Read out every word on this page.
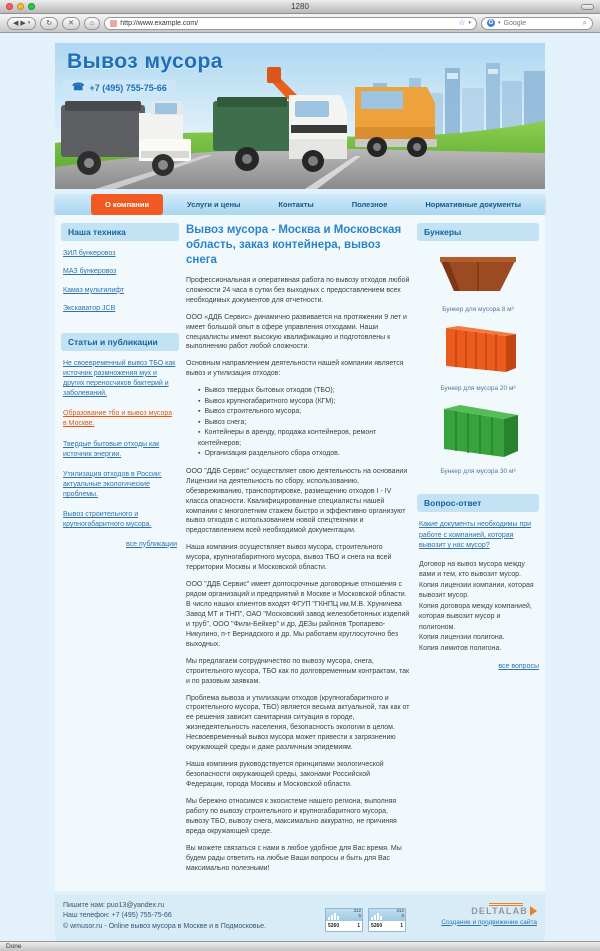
1280
◀ ▶ ▾ ↻ ✕ ⌂
http://www.example.com/	☆ ▾	G ▾
Google	⌕
Вывоз мусора
☎ +7 (495) 755-75-66
О компании	Услуги и цены	Контакты	Полезное	Нормативные документы
Наша техника
ЗИЛ бункеровоз
МАЗ бункеровоз
Камаз мультилифт
Экскаватор JCB
Статьи и публикации
Не своевременный вывоз ТБО как источник размножения мух и других переносчиков бактерий и заболеваний.
Образование тбо и вывоз мусора в Москве.
Твердые бытовые отходы как источник энергии.
Утилизация отходов в России: актуальные экологические проблемы.
Вывоз строительного и крупногабаритного мусора.
все публикации
Вывоз мусора - Москва и Московская область, заказ контейнера, вывоз снега

Профессиональная и оперативная работа по вывозу отходов любой сложности 24 часа в сутки без выходных с предоставлением всех необходимых документов для отчетности.

ООО «ДДБ Сервис» динамично развивается на протяжении 9 лет и имеет большой опыт в сфере управления отходами. Наши специалисты имеют высокую квалификацию и подготовлены к выполнению работ любой сложности.

Основным направлением деятельности нашей компании является вывоз и утилизация отходов:

▪ Вывоз твердых бытовых отходов (ТБО);
▪ Вывоз крупногабаритного мусора (КГМ);
▪ Вывоз строительного мусора;
▪ Вывоз снега;
▪ Контейнеры в аренду, продажа контейнеров, ремонт контейнеров;
▪ Организация раздельного сбора отходов.

ООО "ДДБ Сервис" осуществляет свою деятельность на основании Лицензии на деятельность по сбору, использованию, обезвреживанию, транспортировке, размещению отходов I - IV класса опасности. Квалифицированные специалисты нашей компании с многолетним стажем быстро и эффективно организуют вывоз отходов с использованием новой спецтехники и предоставлением всей необходимой документации.

Наша компания осуществляет вывоз мусора, строительного мусора, крупногабаритного мусора, вывоз ТБО и снега на всей территории Москвы и Московской области.

ООО "ДДБ Сервис" имеет долгосрочные договорные отношения с рядом организаций и предприятий в Москве и Московской области. В число наших клиентов входят ФГУП "ГКНПЦ им.М.В. Хруничева Завод МТ и ТНП", ОАО "Московский завод железобетонных изделий и труб", ООО "Фили-Бейкер" и др, ДЕЗы районов Тропарево-Никулино, п-т Вернадского и др. Мы работаем круглосуточно без выходных.

Мы предлагаем сотрудничество по вывозу мусора, снега, строительного мусора, ТБО как по долговременным контрактам, так и по разовым заявкам.

Проблема вывоза и утилизации отходов (крупногабаритного и строительного мусора, ТБО) является весьма актуальной, так как от ее решения зависит санитарная ситуация в городе, жизнедеятельность населения, безопасность экологии в целом. Несвоевременный вывоз мусора может привести к загрязнению окружающей среды и даже различным эпидемиям.

Наша компания руководствуется принципами экологической безопасности окружающей среды, законами Российской Федерации, города Москвы и Московской области.

Мы бережно относимся к экосистеме нашего региона, выполняя работу по вывозу строительного и крупногабаритного мусора, вывозу ТБО, вывозу снега, максимально аккуратно, не причиняя вреда окружающей среде.

Вы можете связаться с нами в любое удобное для Вас время. Мы будем рады ответить на любые Ваши вопросы и быть для Вас максимально полезными!

Бункеры
Бункер для мусора 8 м³
Бункер для мусора 20 м³
Бункер для мусора 30 м³
Вопрос-ответ
Какие документы необходимы при работе с компанией, которая вывозит у нас мусор?
Договор на вывоз мусора между вами и тем, кто вывозит мусор.
Копия лицензии компании, которая вывозит мусор.
Копия договора между компанией, которая вывозит мусор и полигоном.
Копия лицензии полигона.
Копия лимитов полигона.
все вопросы
Пишите нам: puo13@yandex.ru
Наш телефон: +7 (495) 755-75-66
© wmusor.ru - Online вывоз мусора в Москве и в Подмосковье.
312
5
5260	1
312
5
5260	1
DELTALAB
Создание и продвижение сайта
Done
